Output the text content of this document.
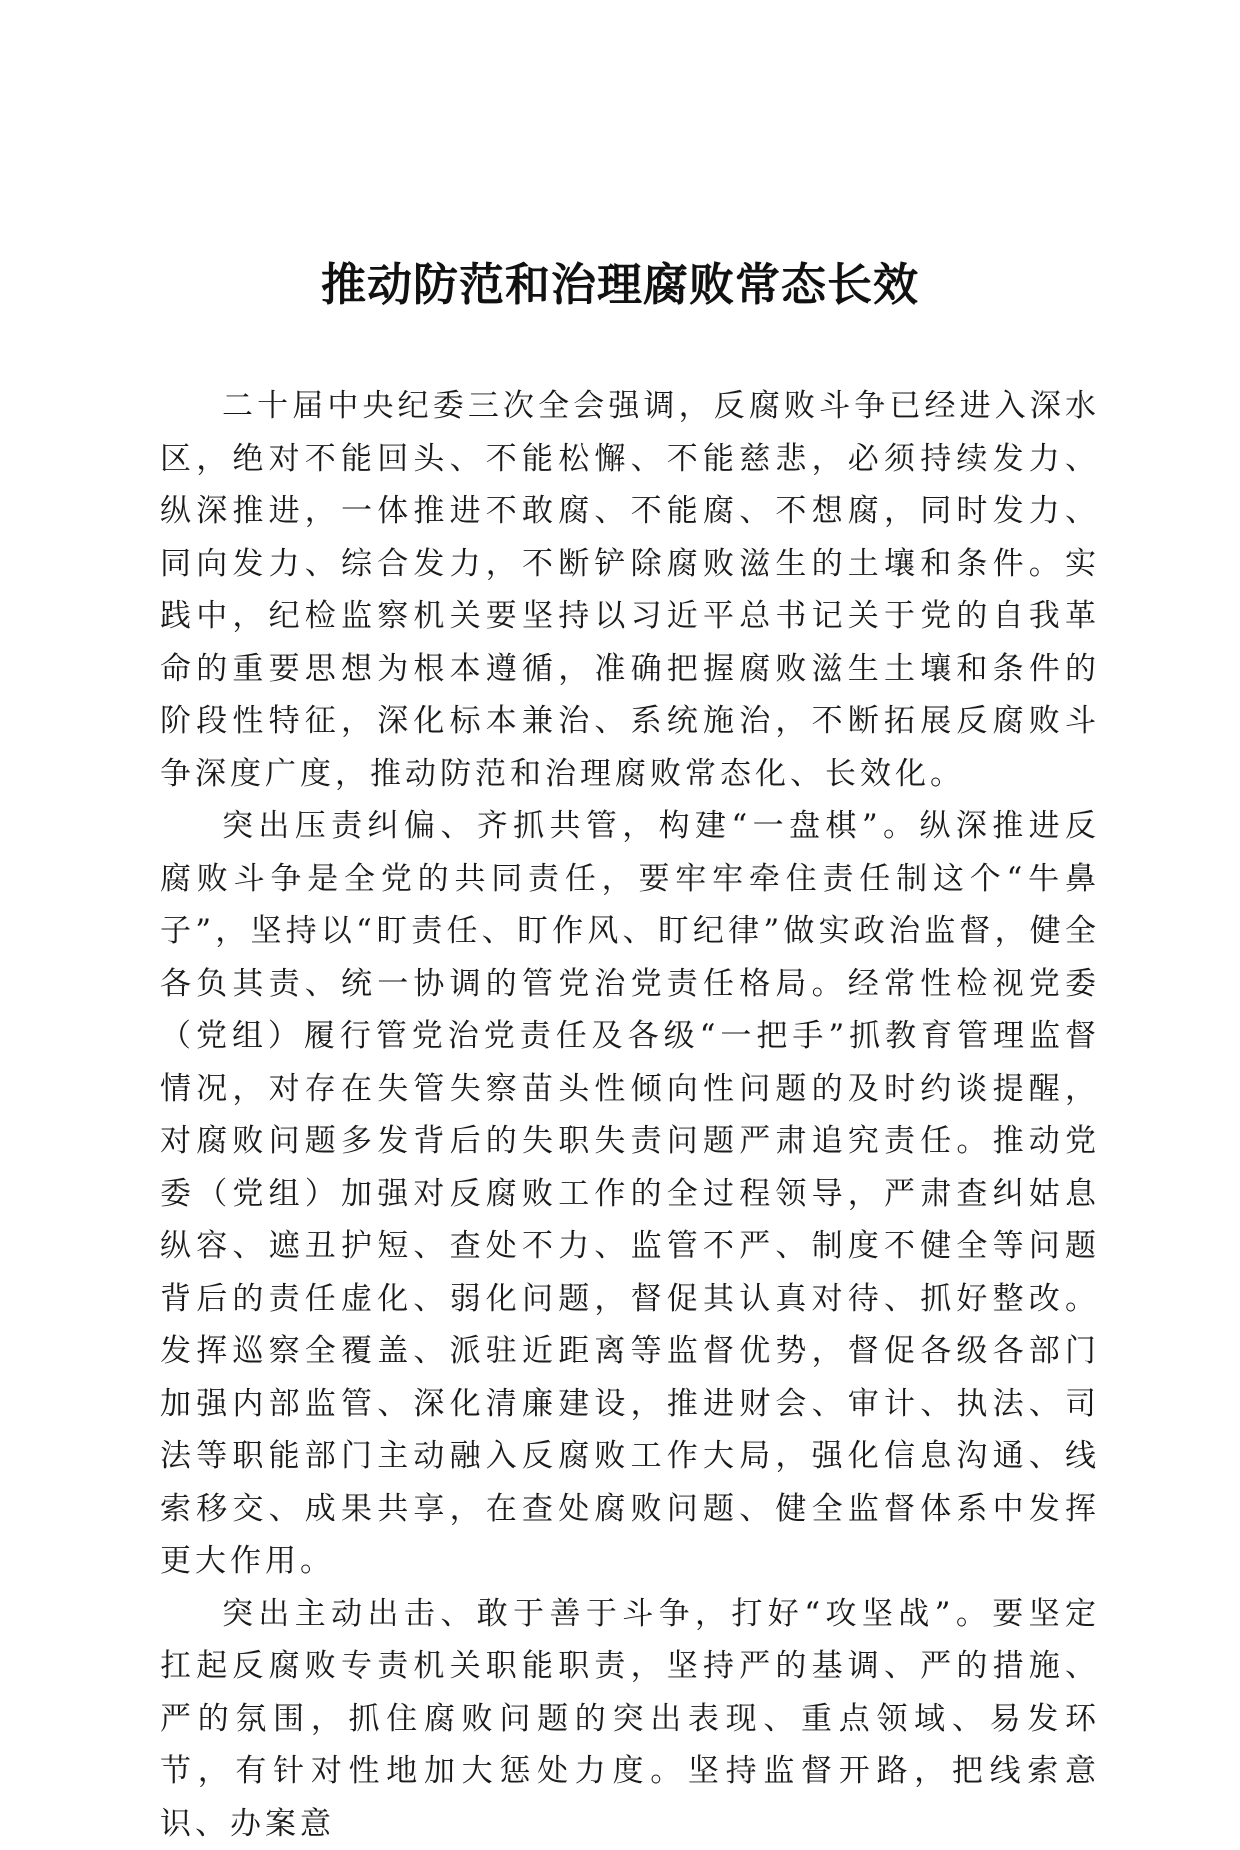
推动防范和治理腐败常态长效

二十届中央纪委三次全会强调，反腐败斗争已经进入深水区，绝对不能回头、不能松懈、不能慈悲，必须持续发力、纵深推进，一体推进不敢腐、不能腐、不想腐，同时发力、同向发力、综合发力，不断铲除腐败滋生的土壤和条件。实践中，纪检监察机关要坚持以习近平总书记关于党的自我革命的重要思想为根本遵循，准确把握腐败滋生土壤和条件的阶段性特征，深化标本兼治、系统施治，不断拓展反腐败斗争深度广度，推动防范和治理腐败常态化、长效化。

突出压责纠偏、齐抓共管，构建“一盘棋”。纵深推进反腐败斗争是全党的共同责任，要牢牢牵住责任制这个“牛鼻子”，坚持以“盯责任、盯作风、盯纪律”做实政治监督，健全各负其责、统一协调的管党治党责任格局。经常性检视党委（党组）履行管党治党责任及各级“一把手”抓教育管理监督情况，对存在失管失察苗头性倾向性问题的及时约谈提醒，对腐败问题多发背后的失职失责问题严肃追究责任。推动党委（党组）加强对反腐败工作的全过程领导，严肃查纠姑息纵容、遮丑护短、查处不力、监管不严、制度不健全等问题背后的责任虚化、弱化问题，督促其认真对待、抓好整改。发挥巡察全覆盖、派驻近距离等监督优势，督促各级各部门加强内部监管、深化清廉建设，推进财会、审计、执法、司法等职能部门主动融入反腐败工作大局，强化信息沟通、线索移交、成果共享，在查处腐败问题、健全监督体系中发挥更大作用。

突出主动出击、敢于善于斗争，打好“攻坚战”。要坚定扛起反腐败专责机关职能职责，坚持严的基调、严的措施、严的氛围，抓住腐败问题的突出表现、重点领域、易发环节，有针对性地加大惩处力度。坚持监督开路，把线索意识、办案意
